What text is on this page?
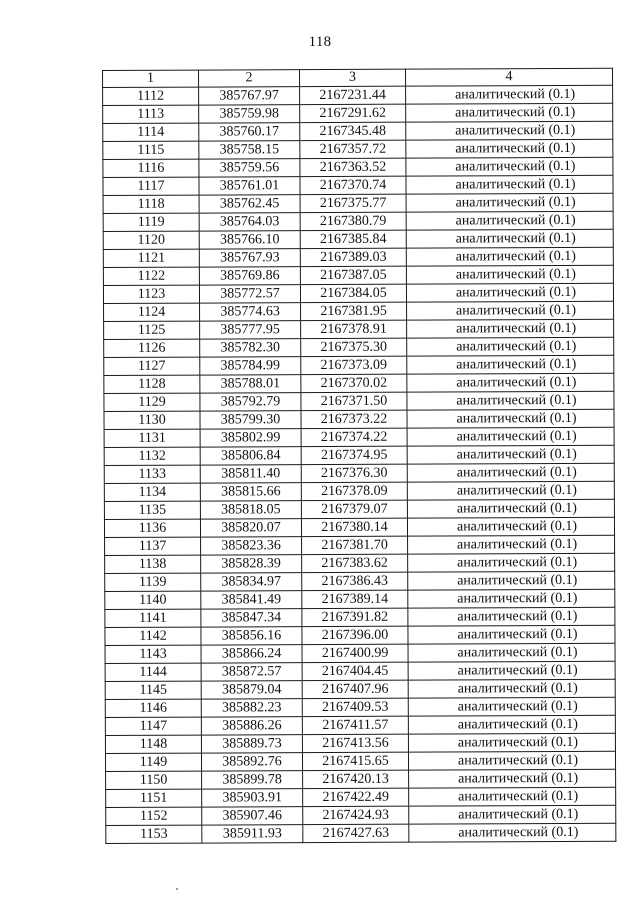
118
1	2	3	4
1112	385767.97	2167231.44	аналитический (0.1)
1113	385759.98	2167291.62	аналитический (0.1)
1114	385760.17	2167345.48	аналитический (0.1)
1115	385758.15	2167357.72	аналитический (0.1)
1116	385759.56	2167363.52	аналитический (0.1)
1117	385761.01	2167370.74	аналитический (0.1)
1118	385762.45	2167375.77	аналитический (0.1)
1119	385764.03	2167380.79	аналитический (0.1)
1120	385766.10	2167385.84	аналитический (0.1)
1121	385767.93	2167389.03	аналитический (0.1)
1122	385769.86	2167387.05	аналитический (0.1)
1123	385772.57	2167384.05	аналитический (0.1)
1124	385774.63	2167381.95	аналитический (0.1)
1125	385777.95	2167378.91	аналитический (0.1)
1126	385782.30	2167375.30	аналитический (0.1)
1127	385784.99	2167373.09	аналитический (0.1)
1128	385788.01	2167370.02	аналитический (0.1)
1129	385792.79	2167371.50	аналитический (0.1)
1130	385799.30	2167373.22	аналитический (0.1)
1131	385802.99	2167374.22	аналитический (0.1)
1132	385806.84	2167374.95	аналитический (0.1)
1133	385811.40	2167376.30	аналитический (0.1)
1134	385815.66	2167378.09	аналитический (0.1)
1135	385818.05	2167379.07	аналитический (0.1)
1136	385820.07	2167380.14	аналитический (0.1)
1137	385823.36	2167381.70	аналитический (0.1)
1138	385828.39	2167383.62	аналитический (0.1)
1139	385834.97	2167386.43	аналитический (0.1)
1140	385841.49	2167389.14	аналитический (0.1)
1141	385847.34	2167391.82	аналитический (0.1)
1142	385856.16	2167396.00	аналитический (0.1)
1143	385866.24	2167400.99	аналитический (0.1)
1144	385872.57	2167404.45	аналитический (0.1)
1145	385879.04	2167407.96	аналитический (0.1)
1146	385882.23	2167409.53	аналитический (0.1)
1147	385886.26	2167411.57	аналитический (0.1)
1148	385889.73	2167413.56	аналитический (0.1)
1149	385892.76	2167415.65	аналитический (0.1)
1150	385899.78	2167420.13	аналитический (0.1)
1151	385903.91	2167422.49	аналитический (0.1)
1152	385907.46	2167424.93	аналитический (0.1)
1153	385911.93	2167427.63	аналитический (0.1)
